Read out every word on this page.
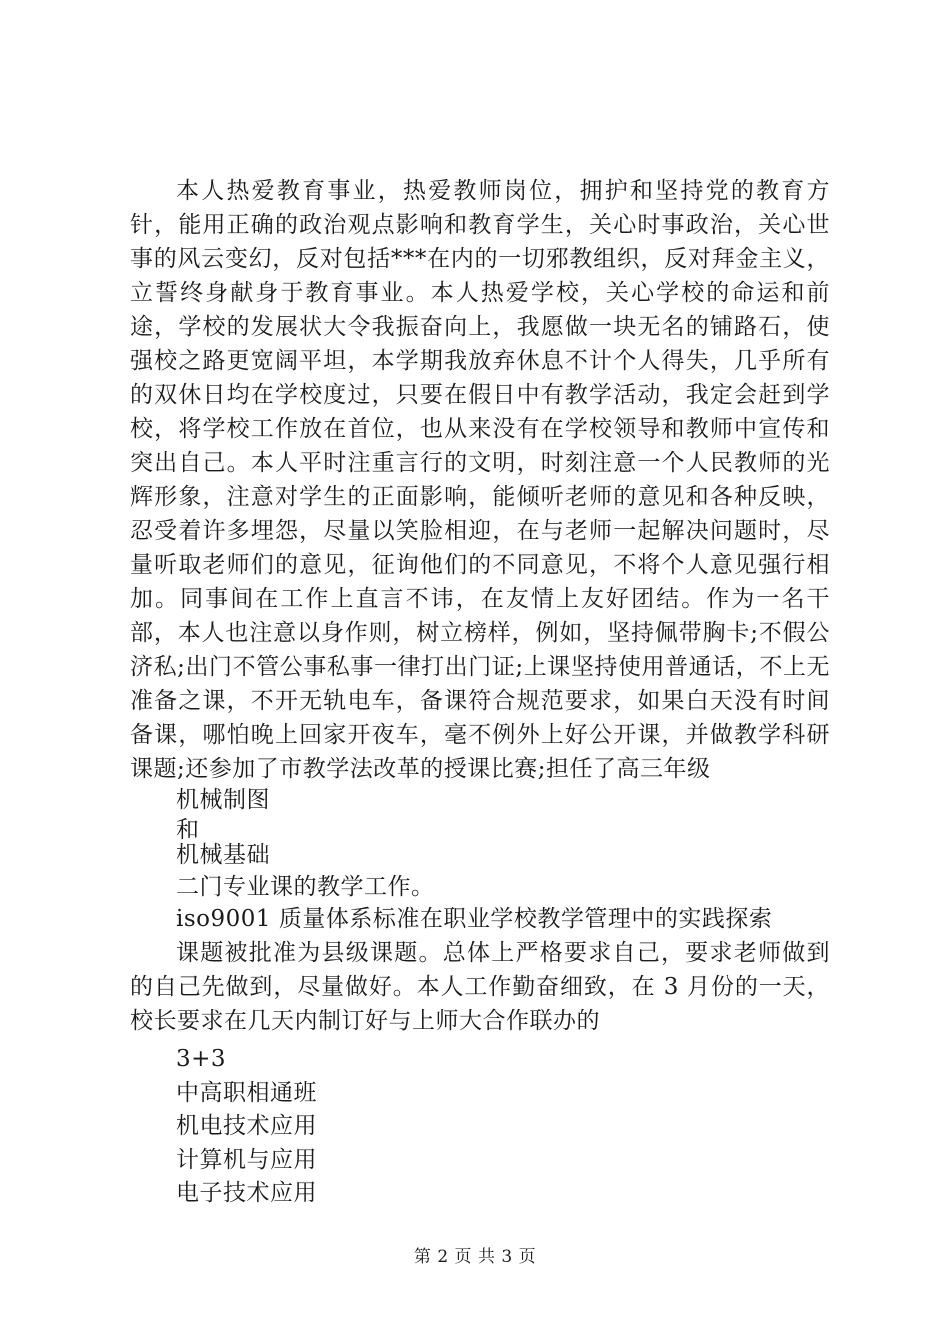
本人热爱教育事业，热爱教师岗位，拥护和坚持党的教育方针，能用正确的政治观点影响和教育学生，关心时事政治，关心世事的风云变幻，反对包括***在内的一切邪教组织，反对拜金主义，立誓终身献身于教育事业。本人热爱学校，关心学校的命运和前途，学校的发展状大令我振奋向上，我愿做一块无名的铺路石，使强校之路更宽阔平坦，本学期我放弃休息不计个人得失，几乎所有的双休日均在学校度过，只要在假日中有教学活动，我定会赶到学校，将学校工作放在首位，也从来没有在学校领导和教师中宣传和突出自己。本人平时注重言行的文明，时刻注意一个人民教师的光辉形象，注意对学生的正面影响，能倾听老师的意见和各种反映，忍受着许多埋怨，尽量以笑脸相迎，在与老师一起解决问题时，尽量听取老师们的意见，征询他们的不同意见，不将个人意见强行相加。同事间在工作上直言不讳，在友情上友好团结。作为一名干部，本人也注意以身作则，树立榜样，例如，坚持佩带胸卡;不假公济私;出门不管公事私事一律打出门证;上课坚持使用普通话，不上无准备之课，不开无轨电车，备课符合规范要求，如果白天没有时间备课，哪怕晚上回家开夜车，毫不例外上好公开课，并做教学科研课题;还参加了市教学法改革的授课比赛;担任了高三年级

机械制图

和

机械基础

二门专业课的教学工作。

iso9001 质量体系标准在职业学校教学管理中的实践探索

课题被批准为县级课题。总体上严格要求自己，要求老师做到的自己先做到，尽量做好。本人工作勤奋细致，在 3 月份的一天，校长要求在几天内制订好与上师大合作联办的

3+3

中高职相通班

机电技术应用

计算机与应用

电子技术应用

第 2 页 共 3 页
